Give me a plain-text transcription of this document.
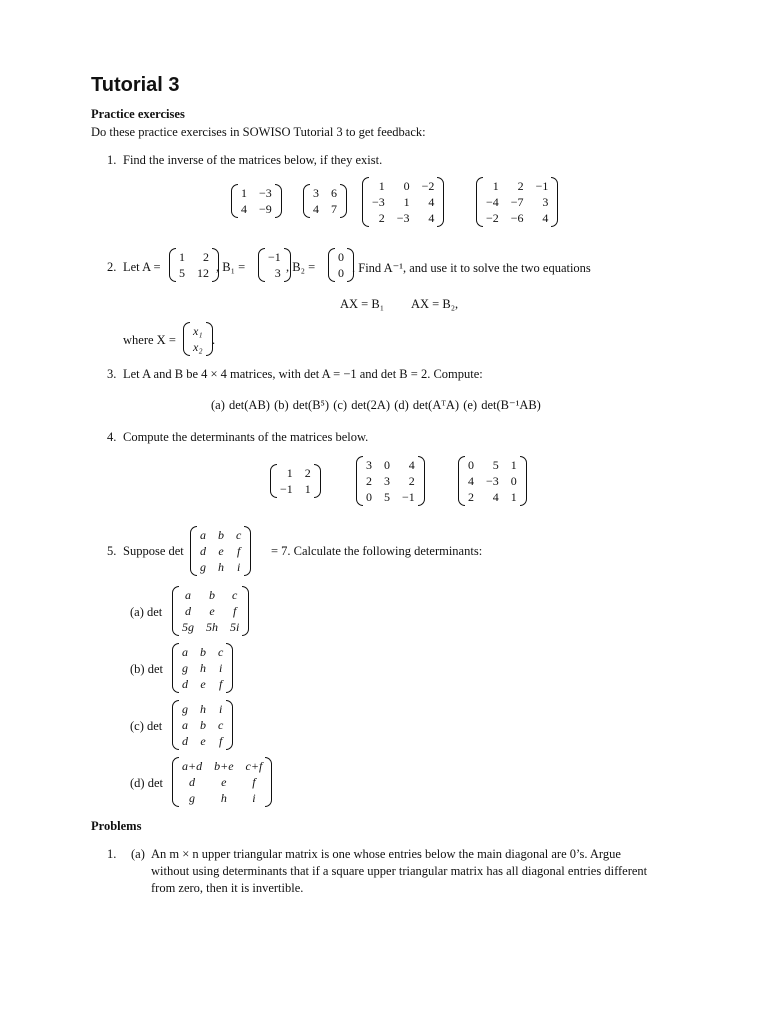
Tutorial 3
Practice exercises
Do these practice exercises in SOWISO Tutorial 3 to get feedback:
1. Find the inverse of the matrices below, if they exist.
1 −3
4 −9
3 6
4 7
1	0 −2
−3	1	4
2 −3	4
1	2 −1
−4 −7	3
−2 −6	4
2. Let A =
1	2
5 12 , B₁ =
−1
3 , B₂ =
0
0 . Find A⁻¹, and use it to solve the two equations
AX = B₁ AX = B₂,
where X =
x₁
x₂ .
3. Let A and B be 4 × 4 matrices, with det A = −1 and det B = 2. Compute:
(a) det(AB) (b) det(B⁵) (c) det(2A) (d) det(AᵀA) (e) det(B⁻¹AB)
4. Compute the determinants of the matrices below.
1 2
−1 1
3 0	4
2 3	2
0 5 −1
0	5 1
4 −3 0
2	4 1
5. Suppose det
a b c
d e f
g h i
= 7. Calculate the following determinants:
(a) det
a b c
d e f
5g 5h 5i
(b) det
a b c
g h i
d e f
(c) det
g h i
a b c
d e f
(d) det
a+d b+e c+f
d	e	f
g	h	i
Problems
1. (a) An m × n upper triangular matrix is one whose entries below the main diagonal are 0’s. Argue
without using determinants that if a square upper triangular matrix has all diagonal entries different
from zero, then it is invertible.
